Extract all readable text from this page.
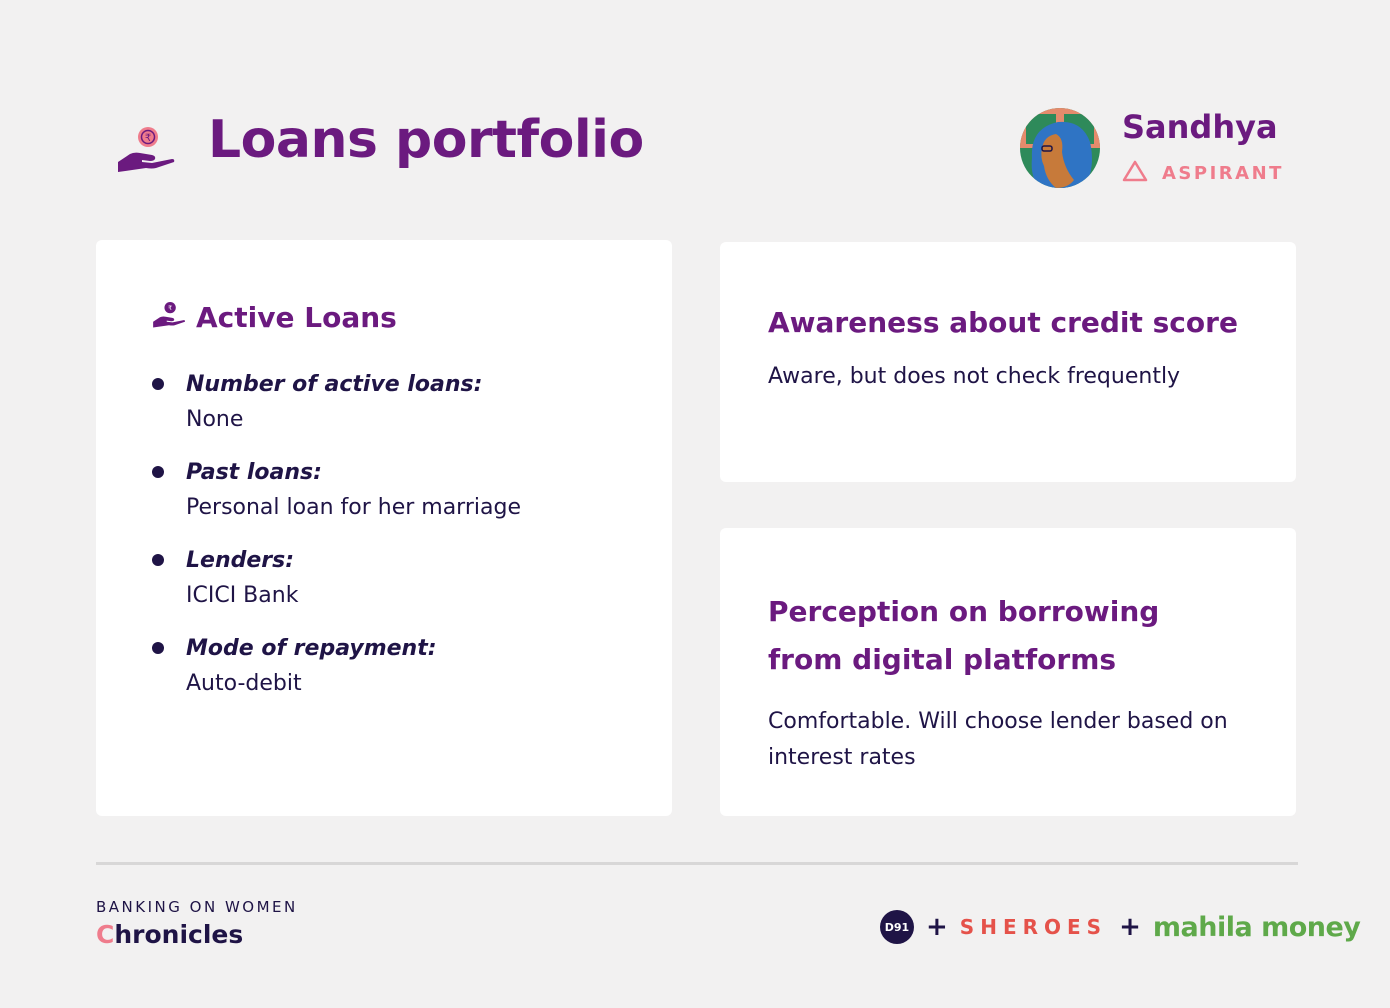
₹ Loans portfolio	Sandhya
ASPIRANT
₹ Active Loans
Number of active loans:
None
Past loans:
Personal loan for her marriage
Lenders:
ICICI Bank
Mode of repayment:
Auto-debit
Awareness about credit score
Aware, but does not check frequently
Perception on borrowing from digital platforms
Comfortable. Will choose lender based on interest rates
BANKING ON WOMEN
Chronicles	D91 + SHEROES + mahila money
